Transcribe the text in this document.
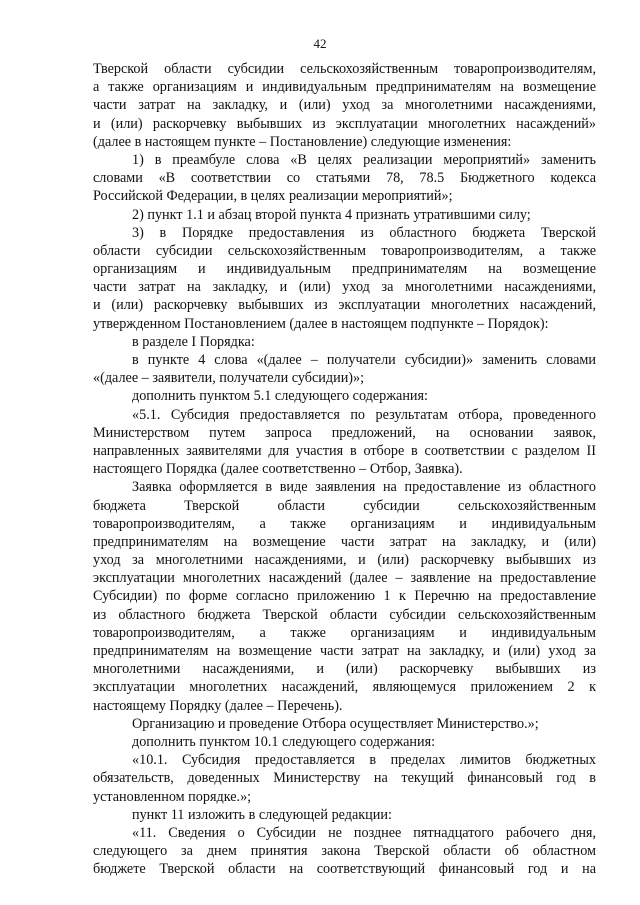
42
Тверской области субсидии сельскохозяйственным товаропроизводителям,
а также организациям и индивидуальным предпринимателям на возмещение
части затрат на закладку, и (или) уход за многолетними насаждениями,
и (или) раскорчевку выбывших из эксплуатации многолетних насаждений»
(далее в настоящем пункте – Постановление) следующие изменения:
1) в преамбуле слова «В целях реализации мероприятий» заменить
словами «В соответствии со статьями 78, 78.5 Бюджетного кодекса
Российской Федерации, в целях реализации мероприятий»;
2) пункт 1.1 и абзац второй пункта 4 признать утратившими силу;
3) в Порядке предоставления из областного бюджета Тверской
области субсидии сельскохозяйственным товаропроизводителям, а также
организациям и индивидуальным предпринимателям на возмещение
части затрат на закладку, и (или) уход за многолетними насаждениями,
и (или) раскорчевку выбывших из эксплуатации многолетних насаждений,
утвержденном Постановлением (далее в настоящем подпункте – Порядок):
в разделе I Порядка:
в пункте 4 слова «(далее – получатели субсидии)» заменить словами
«(далее – заявители, получатели субсидии)»;
дополнить пунктом 5.1 следующего содержания:
«5.1. Субсидия предоставляется по результатам отбора, проведенного
Министерством путем запроса предложений, на основании заявок,
направленных заявителями для участия в отборе в соответствии с разделом II
настоящего Порядка (далее соответственно – Отбор, Заявка).
Заявка оформляется в виде заявления на предоставление из областного
бюджета Тверской области субсидии сельскохозяйственным
товаропроизводителям, а также организациям и индивидуальным
предпринимателям на возмещение части затрат на закладку, и (или)
уход за многолетними насаждениями, и (или) раскорчевку выбывших из
эксплуатации многолетних насаждений (далее – заявление на предоставление
Субсидии) по форме согласно приложению 1 к Перечню на предоставление
из областного бюджета Тверской области субсидии сельскохозяйственным
товаропроизводителям, а также организациям и индивидуальным
предпринимателям на возмещение части затрат на закладку, и (или) уход за
многолетними насаждениями, и (или) раскорчевку выбывших из
эксплуатации многолетних насаждений, являющемуся приложением 2 к
настоящему Порядку (далее – Перечень).
Организацию и проведение Отбора осуществляет Министерство.»;
дополнить пунктом 10.1 следующего содержания:
«10.1. Субсидия предоставляется в пределах лимитов бюджетных
обязательств, доведенных Министерству на текущий финансовый год в
установленном порядке.»;
пункт 11 изложить в следующей редакции:
«11. Сведения о Субсидии не позднее пятнадцатого рабочего дня,
следующего за днем принятия закона Тверской области об областном
бюджете Тверской области на соответствующий финансовый год и на
